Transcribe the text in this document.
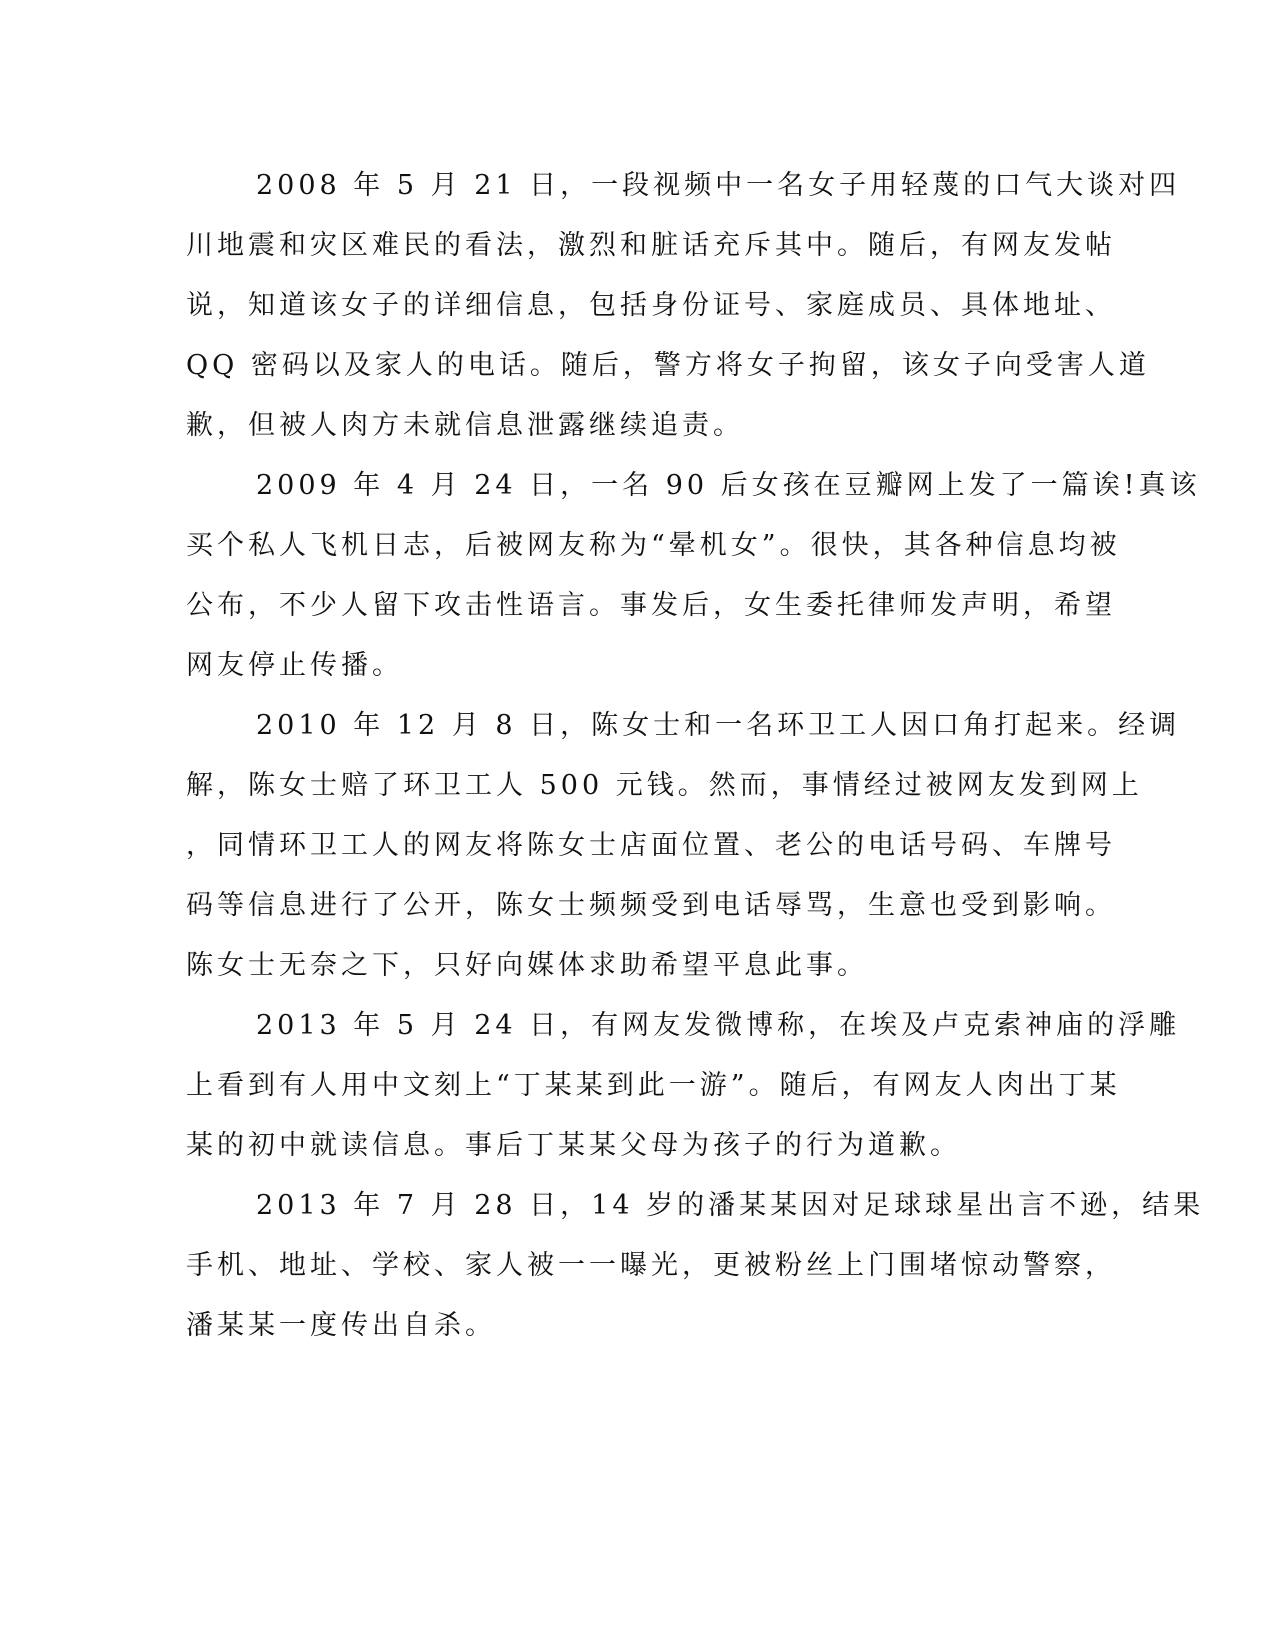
2008 年 5 月 21 日，一段视频中一名女子用轻蔑的口气大谈对四
川地震和灾区难民的看法，激烈和脏话充斥其中。随后，有网友发帖
说，知道该女子的详细信息，包括身份证号、家庭成员、具体地址、
QQ 密码以及家人的电话。随后，警方将女子拘留，该女子向受害人道
歉，但被人肉方未就信息泄露继续追责。

2009 年 4 月 24 日，一名 90 后女孩在豆瓣网上发了一篇诶!真该
买个私人飞机日志，后被网友称为“晕机女”。很快，其各种信息均被
公布，不少人留下攻击性语言。事发后，女生委托律师发声明，希望
网友停止传播。

2010 年 12 月 8 日，陈女士和一名环卫工人因口角打起来。经调
解，陈女士赔了环卫工人 500 元钱。然而，事情经过被网友发到网上
，同情环卫工人的网友将陈女士店面位置、老公的电话号码、车牌号
码等信息进行了公开，陈女士频频受到电话辱骂，生意也受到影响。
陈女士无奈之下，只好向媒体求助希望平息此事。

2013 年 5 月 24 日，有网友发微博称，在埃及卢克索神庙的浮雕
上看到有人用中文刻上“丁某某到此一游”。随后，有网友人肉出丁某
某的初中就读信息。事后丁某某父母为孩子的行为道歉。

2013 年 7 月 28 日，14 岁的潘某某因对足球球星出言不逊，结果
手机、地址、学校、家人被一一曝光，更被粉丝上门围堵惊动警察，
潘某某一度传出自杀。
